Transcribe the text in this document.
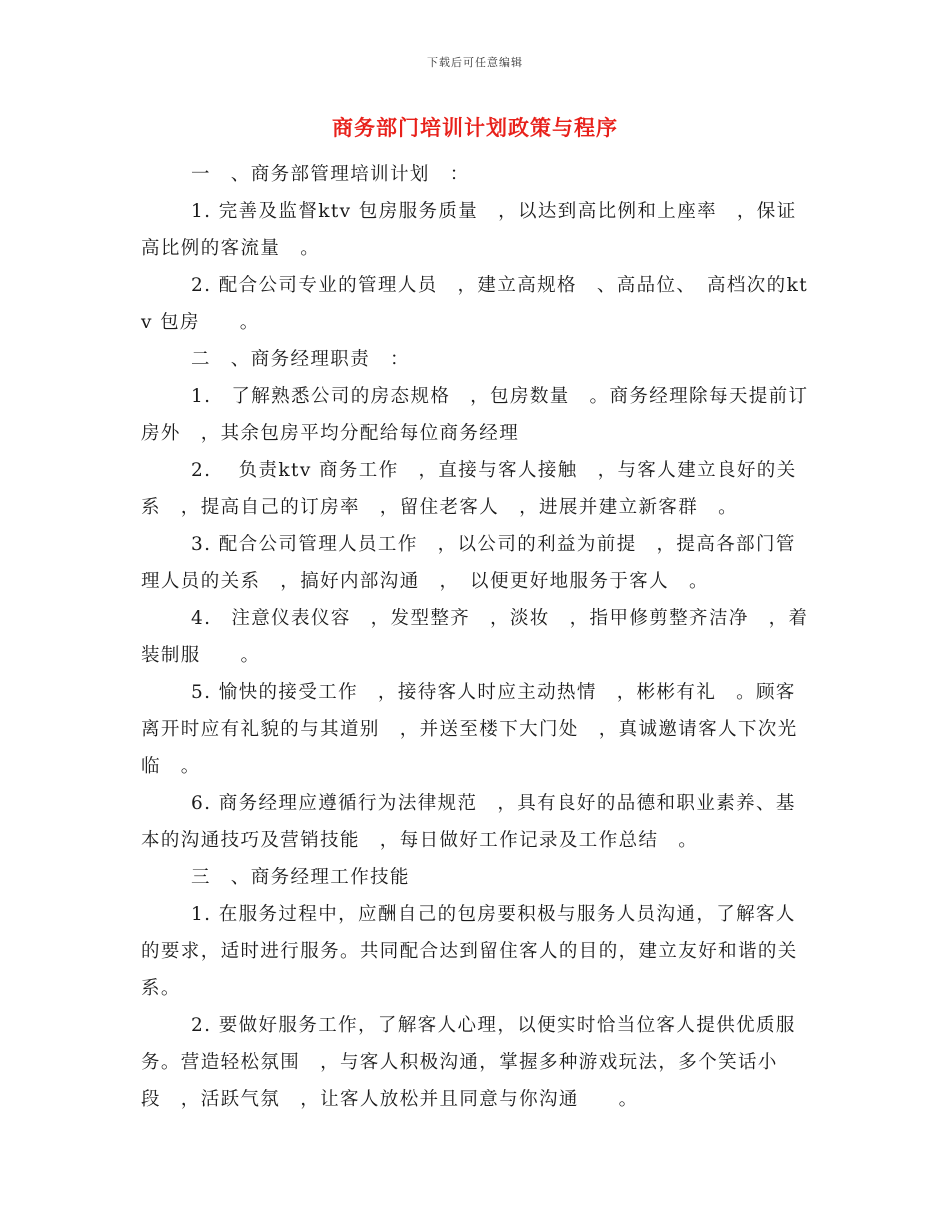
下载后可任意编辑
商务部门培训计划政策与程序

一　、商务部管理培训计划　：

1. 完善及监督ktv 包房服务质量　，以达到高比例和上座率　，保证高比例的客流量　。

2. 配合公司专业的管理人员　，建立高规格　、高品位、　高档次的ktv 包房　　。

二　、商务经理职责　：

1.　了解熟悉公司的房态规格　，包房数量　。商务经理除每天提前订房外　，其余包房平均分配给每位商务经理

2.　 负责ktv 商务工作　，直接与客人接触　，与客人建立良好的关系　，提高自己的订房率　，留住老客人　，进展并建立新客群　。

3. 配合公司管理人员工作　，以公司的利益为前提　，提高各部门管理人员的关系　，搞好内部沟通　，　以便更好地服务于客人　。

4.　注意仪表仪容　，发型整齐　，淡妆　，指甲修剪整齐洁净　，着装制服　　。

5. 愉快的接受工作　，接待客人时应主动热情　，彬彬有礼　。顾客离开时应有礼貌的与其道别　，并送至楼下大门处　，真诚邀请客人下次光临　。

6. 商务经理应遵循行为法律规范　，具有良好的品德和职业素养、基本的沟通技巧及营销技能　，每日做好工作记录及工作总结　。

三　、商务经理工作技能

1. 在服务过程中，应酬自己的包房要积极与服务人员沟通，了解客人的要求，适时进行服务。共同配合达到留住客人的目的，建立友好和谐的关系。

2. 要做好服务工作，了解客人心理，以便实时恰当位客人提供优质服务。营造轻松氛围　，与客人积极沟通，掌握多种游戏玩法，多个笑话小段　，活跃气氛　，让客人放松并且同意与你沟通　　。
